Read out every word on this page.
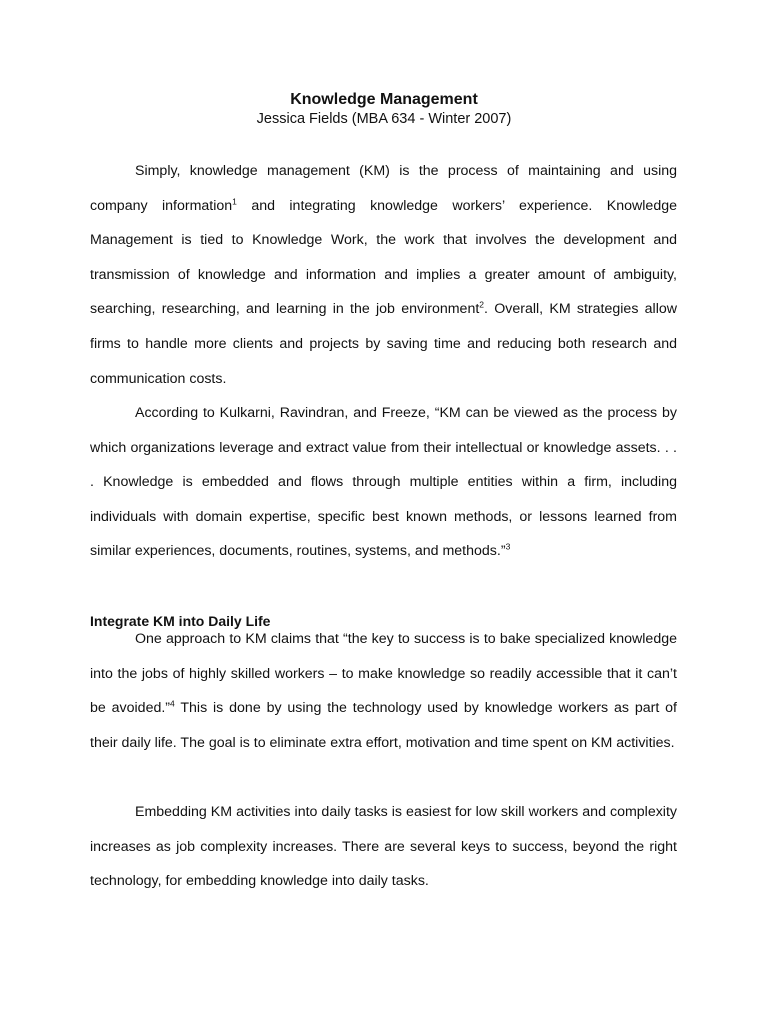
Knowledge Management
Jessica Fields (MBA 634 - Winter 2007)

Simply, knowledge management (KM) is the process of maintaining and using company information$^1$ and integrating knowledge workers’ experience. Knowledge Management is tied to Knowledge Work, the work that involves the development and transmission of knowledge and information and implies a greater amount of ambiguity, searching, researching, and learning in the job environment$^2$. Overall, KM strategies allow firms to handle more clients and projects by saving time and reducing both research and communication costs.

According to Kulkarni, Ravindran, and Freeze, “KM can be viewed as the process by which organizations leverage and extract value from their intellectual or knowledge assets. . . . Knowledge is embedded and flows through multiple entities within a firm, including individuals with domain expertise, specific best known methods, or lessons learned from similar experiences, documents, routines, systems, and methods.”$^3$

Integrate KM into Daily Life

One approach to KM claims that “the key to success is to bake specialized knowledge into the jobs of highly skilled workers – to make knowledge so readily accessible that it can’t be avoided.”$^4$ This is done by using the technology used by knowledge workers as part of their daily life. The goal is to eliminate extra effort, motivation and time spent on KM activities.

Embedding KM activities into daily tasks is easiest for low skill workers and complexity increases as job complexity increases. There are several keys to success, beyond the right technology, for embedding knowledge into daily tasks.
